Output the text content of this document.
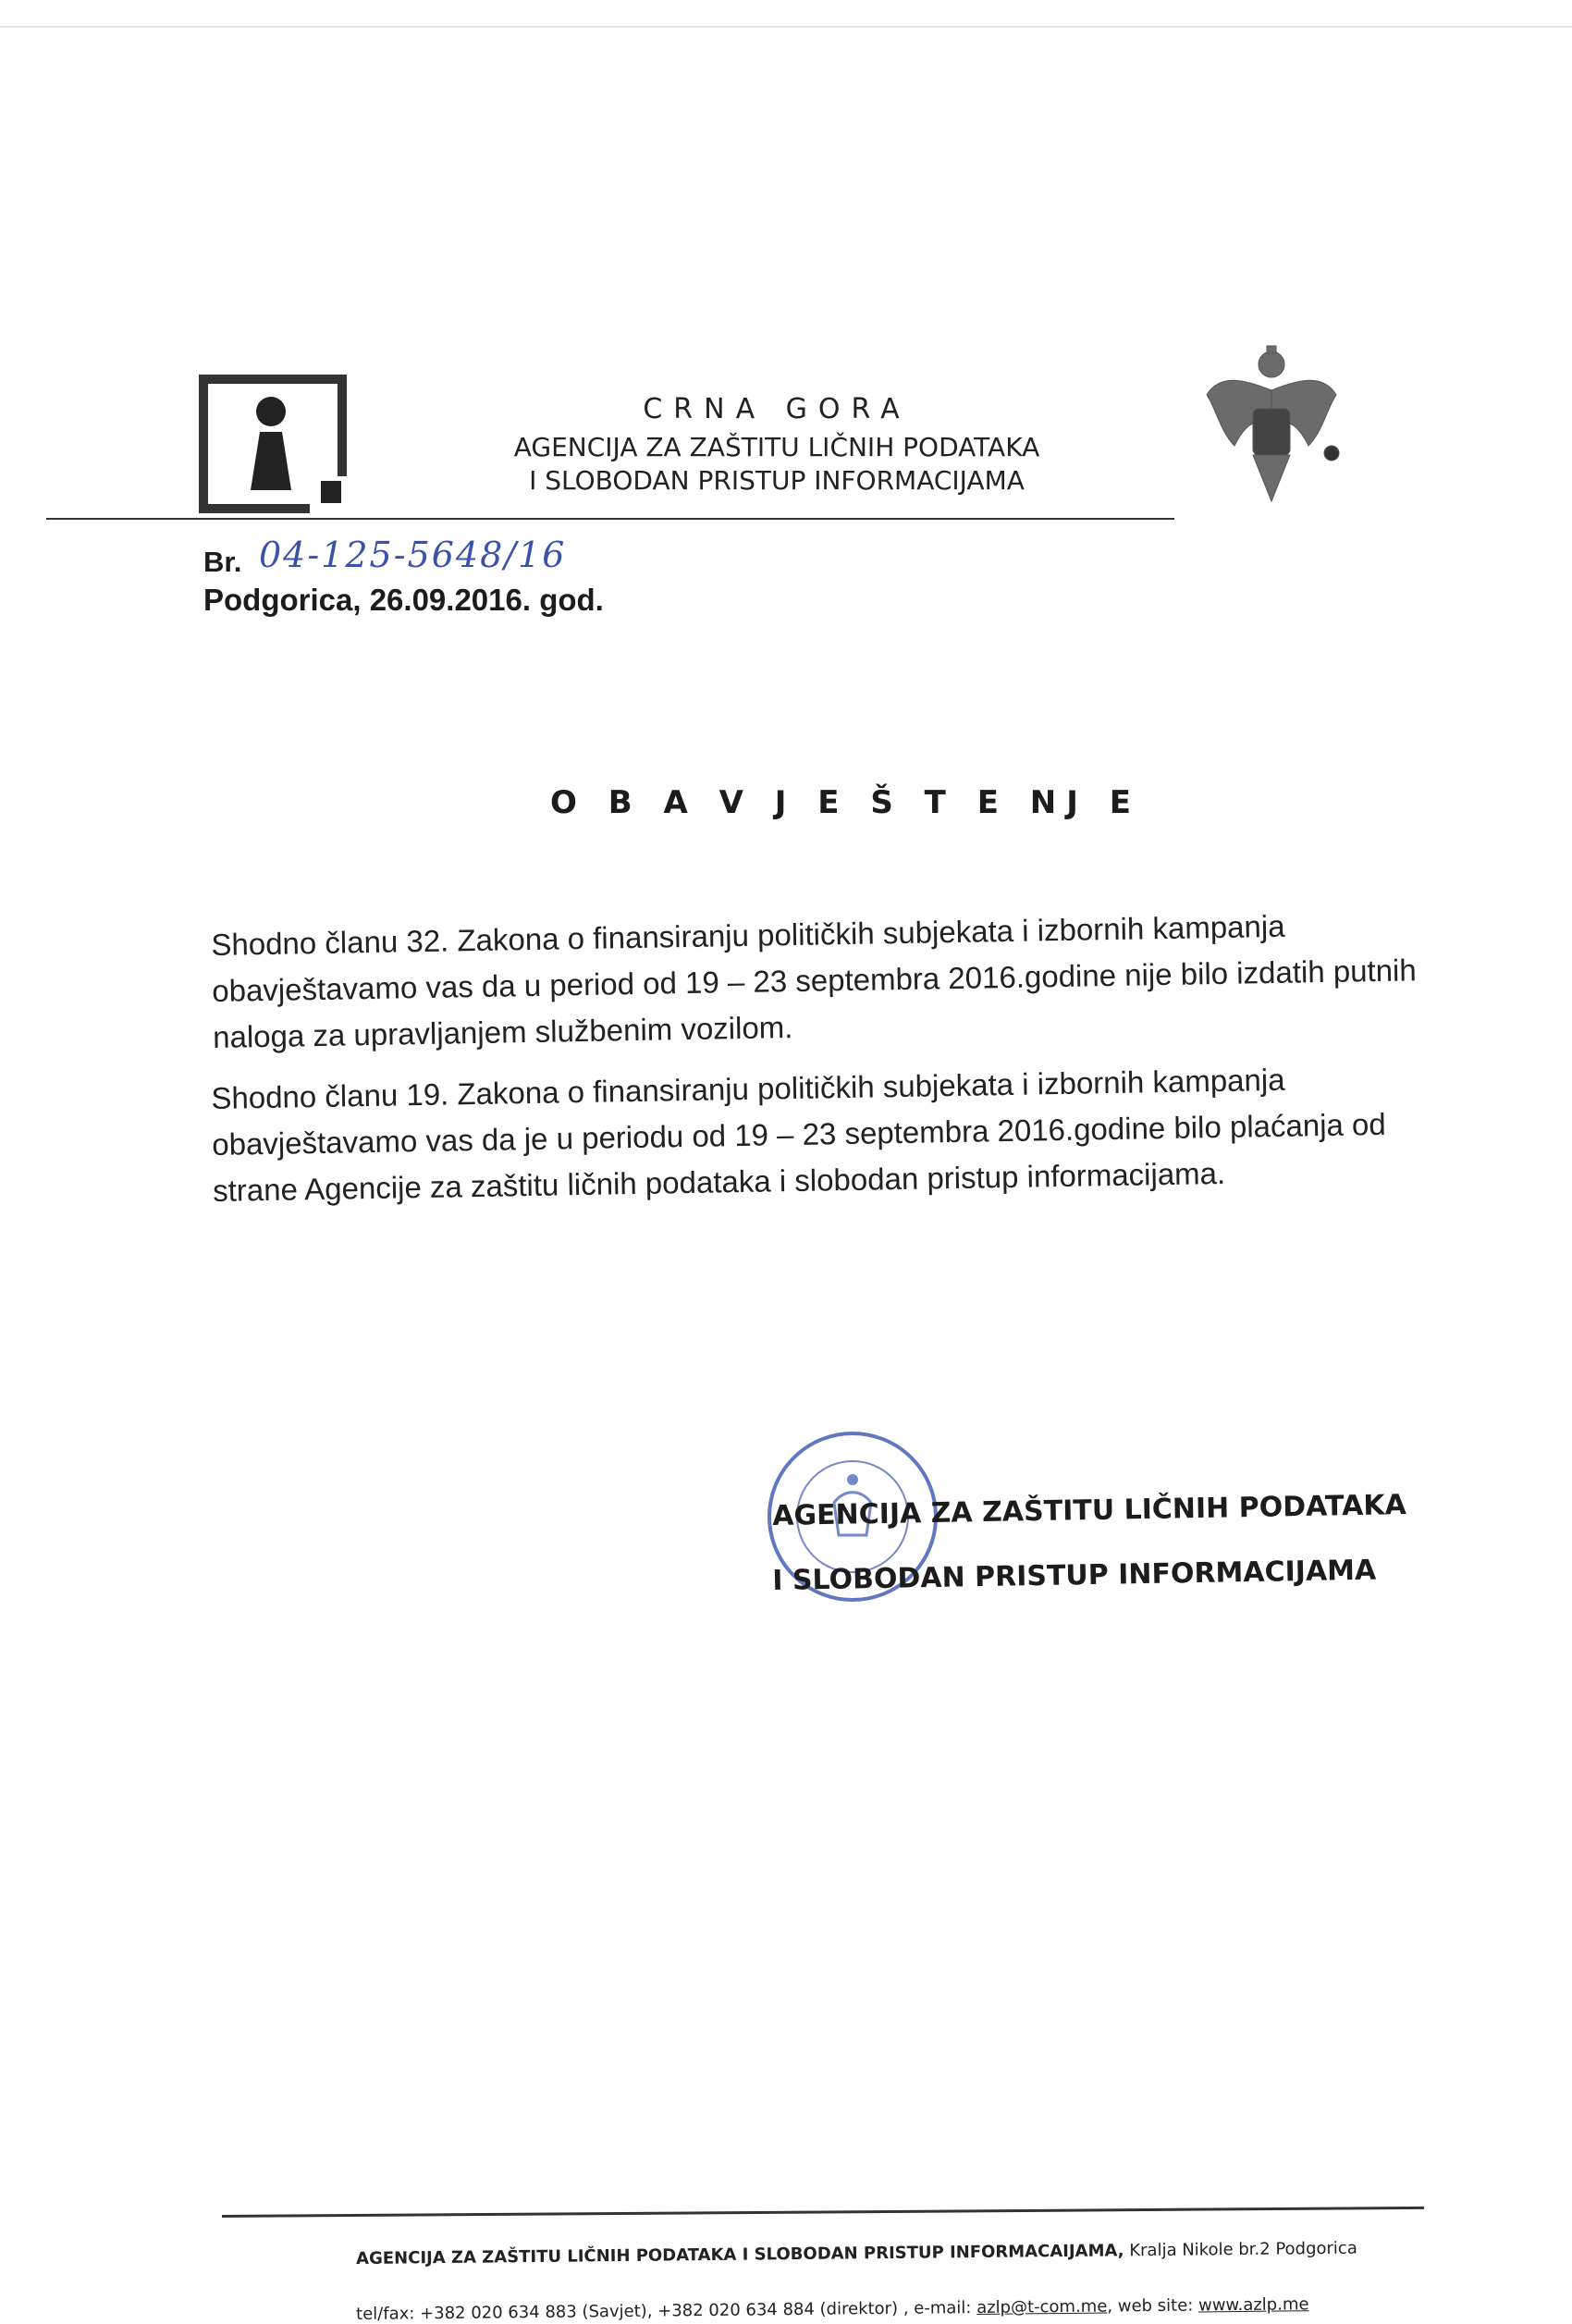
CRNA GORA
AGENCIJA ZA ZAŠTITU LIČNIH PODATAKA
I SLOBODAN PRISTUP INFORMACIJAMA
Br. 04-125-5648/16
Podgorica, 26.09.2016. god.
O B A V J E Š T E NJ E
Shodno članu 32. Zakona o finansiranju političkih subjekata i izbornih kampanja
obavještavamo vas da u period od 19 – 23 septembra 2016.godine nije bilo izdatih putnih
naloga za upravljanjem službenim vozilom.
Shodno članu 19. Zakona o finansiranju političkih subjekata i izbornih kampanja
obavještavamo vas da je u periodu od 19 – 23 septembra 2016.godine bilo plaćanja od
strane Agencije za zaštitu ličnih podataka i slobodan pristup informacijama.
AGENCIJA ZA ZAŠTITU LIČNIH PODATAKA
I SLOBODAN PRISTUP INFORMACIJAMA
AGENCIJA ZA ZAŠTITU LIČNIH PODATAKA I SLOBODAN PRISTUP INFORMACAIJAMA, Kralja Nikole br.2 Podgorica
tel/fax: +382 020 634 883 (Savjet), +382 020 634 884 (direktor) , e-mail: azlp@t-com.me, web site: www.azlp.me
